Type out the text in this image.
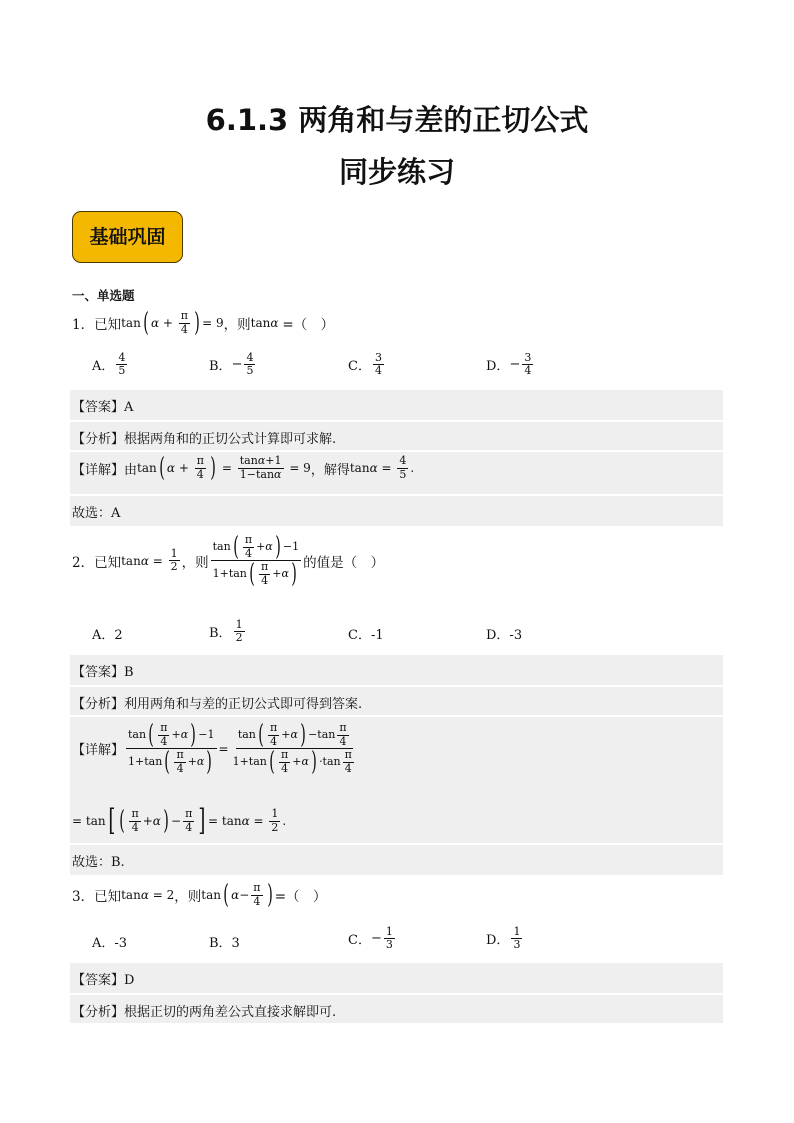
6.1.3 两角和与差的正切公式
同步练习
基础巩固
一、单选题
1．已知 tan ( $\alpha + \frac{\pi}{4}$ ) = 9 ，则 tan α
=（　）
A． $\frac{4}{5}$	B． − $\frac{4}{5}$	C． $\frac{3}{4}$	D． − $\frac{3}{4}$
【答案】A
【分析】根据两角和的正切公式计算即可求解.
【详解】由 tan ( $\alpha + \frac{\pi}{4}$ ) = $\frac{\text{tan α +1}}{\text{1−tan α}} = 9$ ，解得 $\tan \alpha = \frac{4}{5}$ .
故选：A
2．已知 $\tan \alpha = \frac{1}{2}$ ，则 $\frac{\tan ( \frac{\pi}{4} + \alpha ) -1}{1+\tan ( \frac{\pi}{4} + \alpha )}$ 的值是（　）
A．2	B． $\frac{1}{2}$	C．-1	D．-3
【答案】B
【分析】利用两角和与差的正切公式即可得到答案.
【详解】 $\frac{\tan ( \frac{\pi}{4} + \alpha ) -1}{1+\tan ( \frac{\pi}{4} + \alpha )} = \frac{\tan ( \frac{\pi}{4} + \alpha ) -\tan \frac{\pi}{4}}{1+\tan ( \frac{\pi}{4} + \alpha ) \cdot\tan \frac{\pi}{4}}$
= tan [ ( $\frac{\pi}{4} + \alpha$ ) − $\frac{\pi}{4}$ ] = $\tan \alpha = \frac{1}{2}$ .
故选：B.
3．已知 tan α = 2 ，则 tan ( $\alpha - \frac{\pi}{4}$ ) =（　）
A．-3	B．3	C． − $\frac{1}{3}$	D． $\frac{1}{3}$
【答案】D
【分析】根据正切的两角差公式直接求解即可.
